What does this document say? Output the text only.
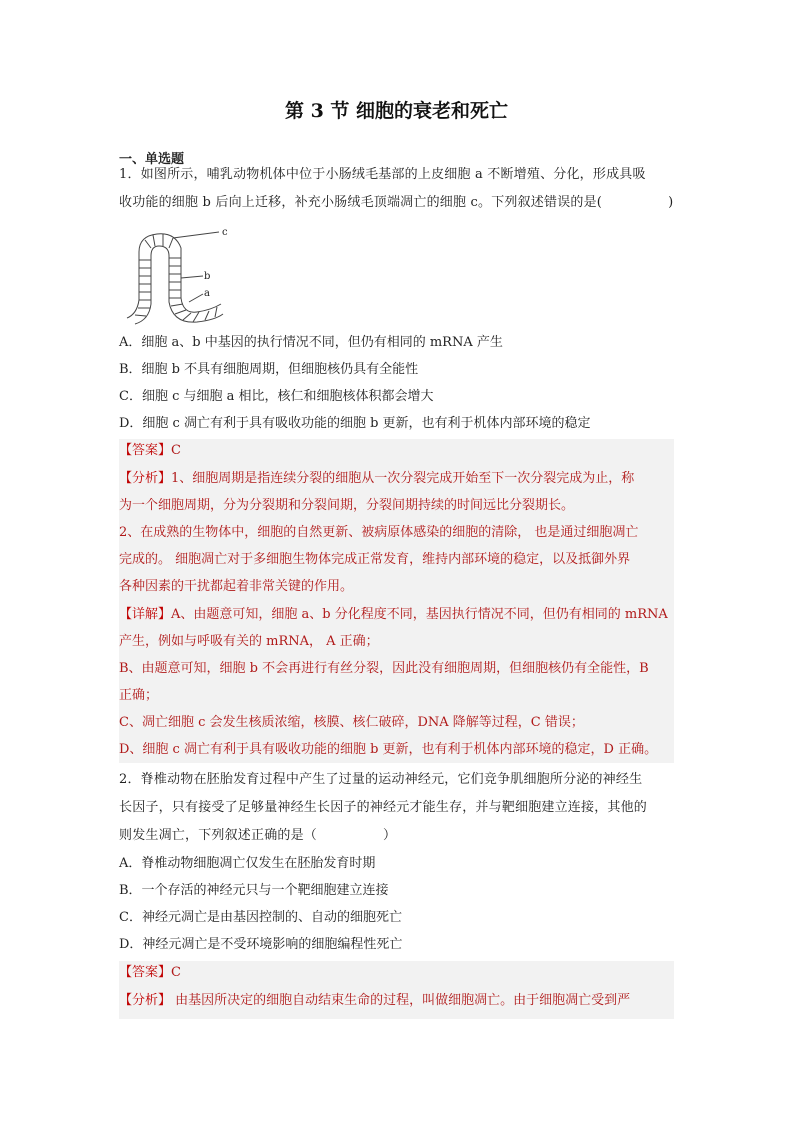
第 3 节 细胞的衰老和死亡
一、单选题
1．如图所示，哺乳动物机体中位于小肠绒毛基部的上皮细胞 a 不断增殖、分化，形成具吸
收功能的细胞 b 后向上迁移，补充小肠绒毛顶端凋亡的细胞 c。下列叙述错误的是(　　　　　)
c
b
a
A．细胞 a、b 中基因的执行情况不同，但仍有相同的 mRNA 产生
B．细胞 b 不具有细胞周期，但细胞核仍具有全能性
C．细胞 c 与细胞 a 相比，核仁和细胞核体积都会增大
D．细胞 c 凋亡有利于具有吸收功能的细胞 b 更新，也有利于机体内部环境的稳定
【答案】C
【分析】1、细胞周期是指连续分裂的细胞从一次分裂完成开始至下一次分裂完成为止，称
为一个细胞周期，分为分裂期和分裂间期，分裂间期持续的时间远比分裂期长。
2、在成熟的生物体中，细胞的自然更新、被病原体感染的细胞的清除， 也是通过细胞凋亡
完成的。 细胞凋亡对于多细胞生物体完成正常发育，维持内部环境的稳定，以及抵御外界
各种因素的干扰都起着非常关键的作用。
【详解】A、由题意可知，细胞 a、b 分化程度不同，基因执行情况不同，但仍有相同的 mRNA
产生，例如与呼吸有关的 mRNA， A 正确；
B、由题意可知，细胞 b 不会再进行有丝分裂，因此没有细胞周期，但细胞核仍有全能性，B
正确；
C、凋亡细胞 c 会发生核质浓缩，核膜、核仁破碎，DNA 降解等过程，C 错误；
D、细胞 c 凋亡有利于具有吸收功能的细胞 b 更新，也有利于机体内部环境的稳定，D 正确。
2．脊椎动物在胚胎发育过程中产生了过量的运动神经元，它们竞争肌细胞所分泌的神经生
长因子，只有接受了足够量神经生长因子的神经元才能生存，并与靶细胞建立连接，其他的
则发生凋亡，下列叙述正确的是（　　　　　）
A．脊椎动物细胞凋亡仅发生在胚胎发育时期
B．一个存活的神经元只与一个靶细胞建立连接
C．神经元凋亡是由基因控制的、自动的细胞死亡
D．神经元凋亡是不受环境影响的细胞编程性死亡
【答案】C
【分析】 由基因所决定的细胞自动结束生命的过程，叫做细胞凋亡。由于细胞凋亡受到严
